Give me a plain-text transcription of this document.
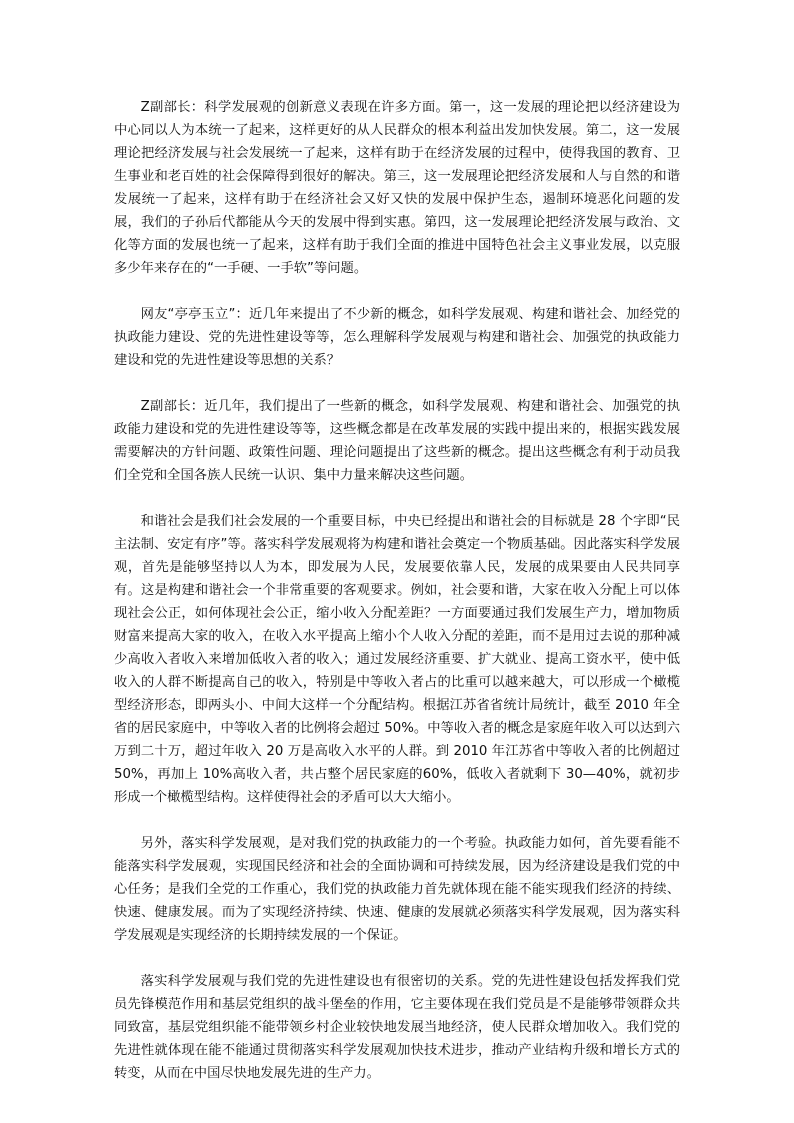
Z副部长：科学发展观的创新意义表现在许多方面。第一，这一发展的理论把以经济建设为中心同以人为本统一了起来，这样更好的从人民群众的根本利益出发加快发展。第二，这一发展理论把经济发展与社会发展统一了起来，这样有助于在经济发展的过程中，使得我国的教育、卫生事业和老百姓的社会保障得到很好的解决。第三，这一发展理论把经济发展和人与自然的和谐发展统一了起来，这样有助于在经济社会又好又快的发展中保护生态，遏制环境恶化问题的发展，我们的子孙后代都能从今天的发展中得到实惠。第四，这一发展理论把经济发展与政治、文化等方面的发展也统一了起来，这样有助于我们全面的推进中国特色社会主义事业发展，以克服多少年来存在的“一手硬、一手软”等问题。

网友“亭亭玉立”：近几年来提出了不少新的概念，如科学发展观、构建和谐社会、加经党的执政能力建设、党的先进性建设等等，怎么理解科学发展观与构建和谐社会、加强党的执政能力建设和党的先进性建设等思想的关系？

Z副部长：近几年，我们提出了一些新的概念，如科学发展观、构建和谐社会、加强党的执政能力建设和党的先进性建设等等，这些概念都是在改革发展的实践中提出来的，根据实践发展需要解决的方针问题、政策性问题、理论问题提出了这些新的概念。提出这些概念有利于动员我们全党和全国各族人民统一认识、集中力量来解决这些问题。

和谐社会是我们社会发展的一个重要目标，中央已经提出和谐社会的目标就是 28 个字即“民主法制、安定有序”等。落实科学发展观将为构建和谐社会奠定一个物质基础。因此落实科学发展观，首先是能够坚持以人为本，即发展为人民，发展要依靠人民，发展的成果要由人民共同享有。这是构建和谐社会一个非常重要的客观要求。例如，社会要和谐，大家在收入分配上可以体现社会公正，如何体现社会公正，缩小收入分配差距？一方面要通过我们发展生产力，增加物质财富来提高大家的收入，在收入水平提高上缩小个人收入分配的差距，而不是用过去说的那种减少高收入者收入来增加低收入者的收入；通过发展经济重要、扩大就业、提高工资水平，使中低收入的人群不断提高自己的收入，特别是中等收入者占的比重可以越来越大，可以形成一个橄榄型经济形态，即两头小、中间大这样一个分配结构。根据江苏省省统计局统计，截至 2010 年全省的居民家庭中，中等收入者的比例将会超过 50%。中等收入者的概念是家庭年收入可以达到六万到二十万，超过年收入 20 万是高收入水平的人群。到 2010 年江苏省中等收入者的比例超过 50%，再加上 10%高收入者，共占整个居民家庭的60%，低收入者就剩下 30—40%，就初步形成一个橄榄型结构。这样使得社会的矛盾可以大大缩小。

另外，落实科学发展观，是对我们党的执政能力的一个考验。执政能力如何，首先要看能不能落实科学发展观，实现国民经济和社会的全面协调和可持续发展，因为经济建设是我们党的中心任务；是我们全党的工作重心，我们党的执政能力首先就体现在能不能实现我们经济的持续、快速、健康发展。而为了实现经济持续、快速、健康的发展就必须落实科学发展观，因为落实科学发展观是实现经济的长期持续发展的一个保证。

落实科学发展观与我们党的先进性建设也有很密切的关系。党的先进性建设包括发挥我们党员先锋模范作用和基层党组织的战斗堡垒的作用，它主要体现在我们党员是不是能够带领群众共同致富，基层党组织能不能带领乡村企业较快地发展当地经济，使人民群众增加收入。我们党的先进性就体现在能不能通过贯彻落实科学发展观加快技术进步，推动产业结构升级和增长方式的转变，从而在中国尽快地发展先进的生产力。
